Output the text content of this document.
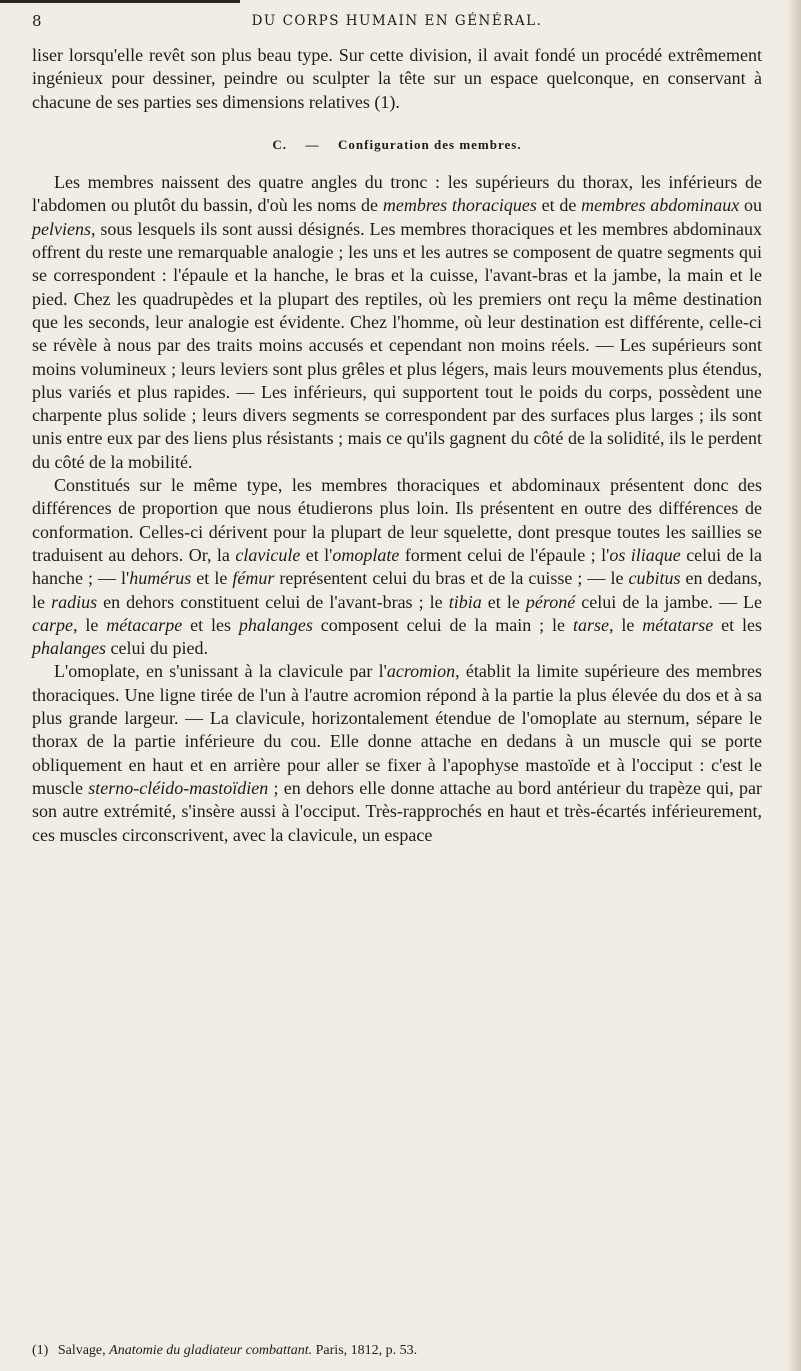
8	DU CORPS HUMAIN EN GÉNÉRAL.

liser lorsqu'elle revêt son plus beau type. Sur cette division, il avait fondé un procédé extrêmement ingénieux pour dessiner, peindre ou sculpter la tête sur un espace quelconque, en conservant à chacune de ses parties ses dimensions relatives (1).

C. — Configuration des membres.

Les membres naissent des quatre angles du tronc : les supérieurs du thorax, les inférieurs de l'abdomen ou plutôt du bassin, d'où les noms de membres thoraciques et de membres abdominaux ou pelviens, sous lesquels ils sont aussi désignés. Les membres thoraciques et les membres abdominaux offrent du reste une remarquable analogie ; les uns et les autres se composent de quatre segments qui se correspondent : l'épaule et la hanche, le bras et la cuisse, l'avant-bras et la jambe, la main et le pied. Chez les quadrupèdes et la plupart des reptiles, où les premiers ont reçu la même destination que les seconds, leur analogie est évidente. Chez l'homme, où leur destination est différente, celle-ci se révèle à nous par des traits moins accusés et cependant non moins réels. — Les supérieurs sont moins volumineux ; leurs leviers sont plus grêles et plus légers, mais leurs mouvements plus étendus, plus variés et plus rapides. — Les inférieurs, qui supportent tout le poids du corps, possèdent une charpente plus solide ; leurs divers segments se correspondent par des surfaces plus larges ; ils sont unis entre eux par des liens plus résistants ; mais ce qu'ils gagnent du côté de la solidité, ils le perdent du côté de la mobilité.

Constitués sur le même type, les membres thoraciques et abdominaux présentent donc des différences de proportion que nous étudierons plus loin. Ils présentent en outre des différences de conformation. Celles-ci dérivent pour la plupart de leur squelette, dont presque toutes les saillies se traduisent au dehors. Or, la clavicule et l'omoplate forment celui de l'épaule ; l'os iliaque celui de la hanche ; — l'humérus et le fémur représentent celui du bras et de la cuisse ; — le cubitus en dedans, le radius en dehors constituent celui de l'avant-bras ; le tibia et le péroné celui de la jambe. — Le carpe, le métacarpe et les phalanges composent celui de la main ; le tarse, le métatarse et les phalanges celui du pied.

L'omoplate, en s'unissant à la clavicule par l'acromion, établit la limite supérieure des membres thoraciques. Une ligne tirée de l'un à l'autre acromion répond à la partie la plus élevée du dos et à sa plus grande largeur. — La clavicule, horizontalement étendue de l'omoplate au sternum, sépare le thorax de la partie inférieure du cou. Elle donne attache en dedans à un muscle qui se porte obliquement en haut et en arrière pour aller se fixer à l'apophyse mastoïde et à l'occiput : c'est le muscle sterno-cléido-mastoïdien ; en dehors elle donne attache au bord antérieur du trapèze qui, par son autre extrémité, s'insère aussi à l'occiput. Très-rapprochés en haut et très-écartés inférieurement, ces muscles circonscrivent, avec la clavicule, un espace

(1) Salvage, Anatomie du gladiateur combattant. Paris, 1812, p. 53.
